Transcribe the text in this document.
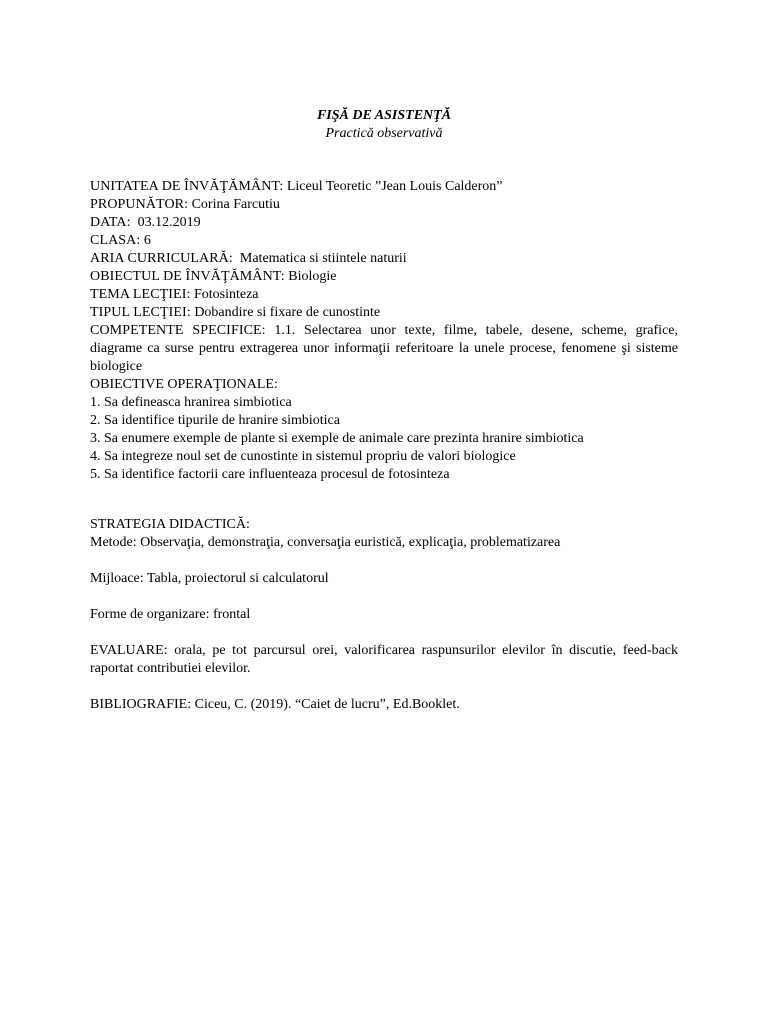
FIŞĂ DE ASISTENŢĂ
Practică observativă
UNITATEA DE ÎNVĂŢĂMÂNT: Liceul Teoretic ”Jean Louis Calderon”
PROPUNĂTOR: Corina Farcutiu
DATA: 03.12.2019
CLASA: 6
ARIA CURRICULARĂ: Matematica si stiintele naturii
OBIECTUL DE ÎNVĂŢĂMÂNT: Biologie
TEMA LECŢIEI: Fotosinteza
TIPUL LECŢIEI: Dobandire si fixare de cunostinte
COMPETENTE SPECIFICE: 1.1. Selectarea unor texte, filme, tabele, desene, scheme, grafice, diagrame ca surse pentru extragerea unor informaţii referitoare la unele procese, fenomene şi sisteme biologice
OBIECTIVE OPERAŢIONALE:
1. Sa defineasca hranirea simbiotica
2. Sa identifice tipurile de hranire simbiotica
3. Sa enumere exemple de plante si exemple de animale care prezinta hranire simbiotica
4. Sa integreze noul set de cunostinte in sistemul propriu de valori biologice
5. Sa identifice factorii care influenteaza procesul de fotosinteza
STRATEGIA DIDACTICĂ:
Metode: Observaţia, demonstraţia, conversaţia euristică, explicaţia, problematizarea
Mijloace: Tabla, proiectorul si calculatorul
Forme de organizare: frontal
EVALUARE: orala, pe tot parcursul orei, valorificarea raspunsurilor elevilor în discutie, feed-back raportat contributiei elevilor.
BIBLIOGRAFIE: Ciceu, C. (2019). “Caiet de lucru”, Ed.Booklet.
